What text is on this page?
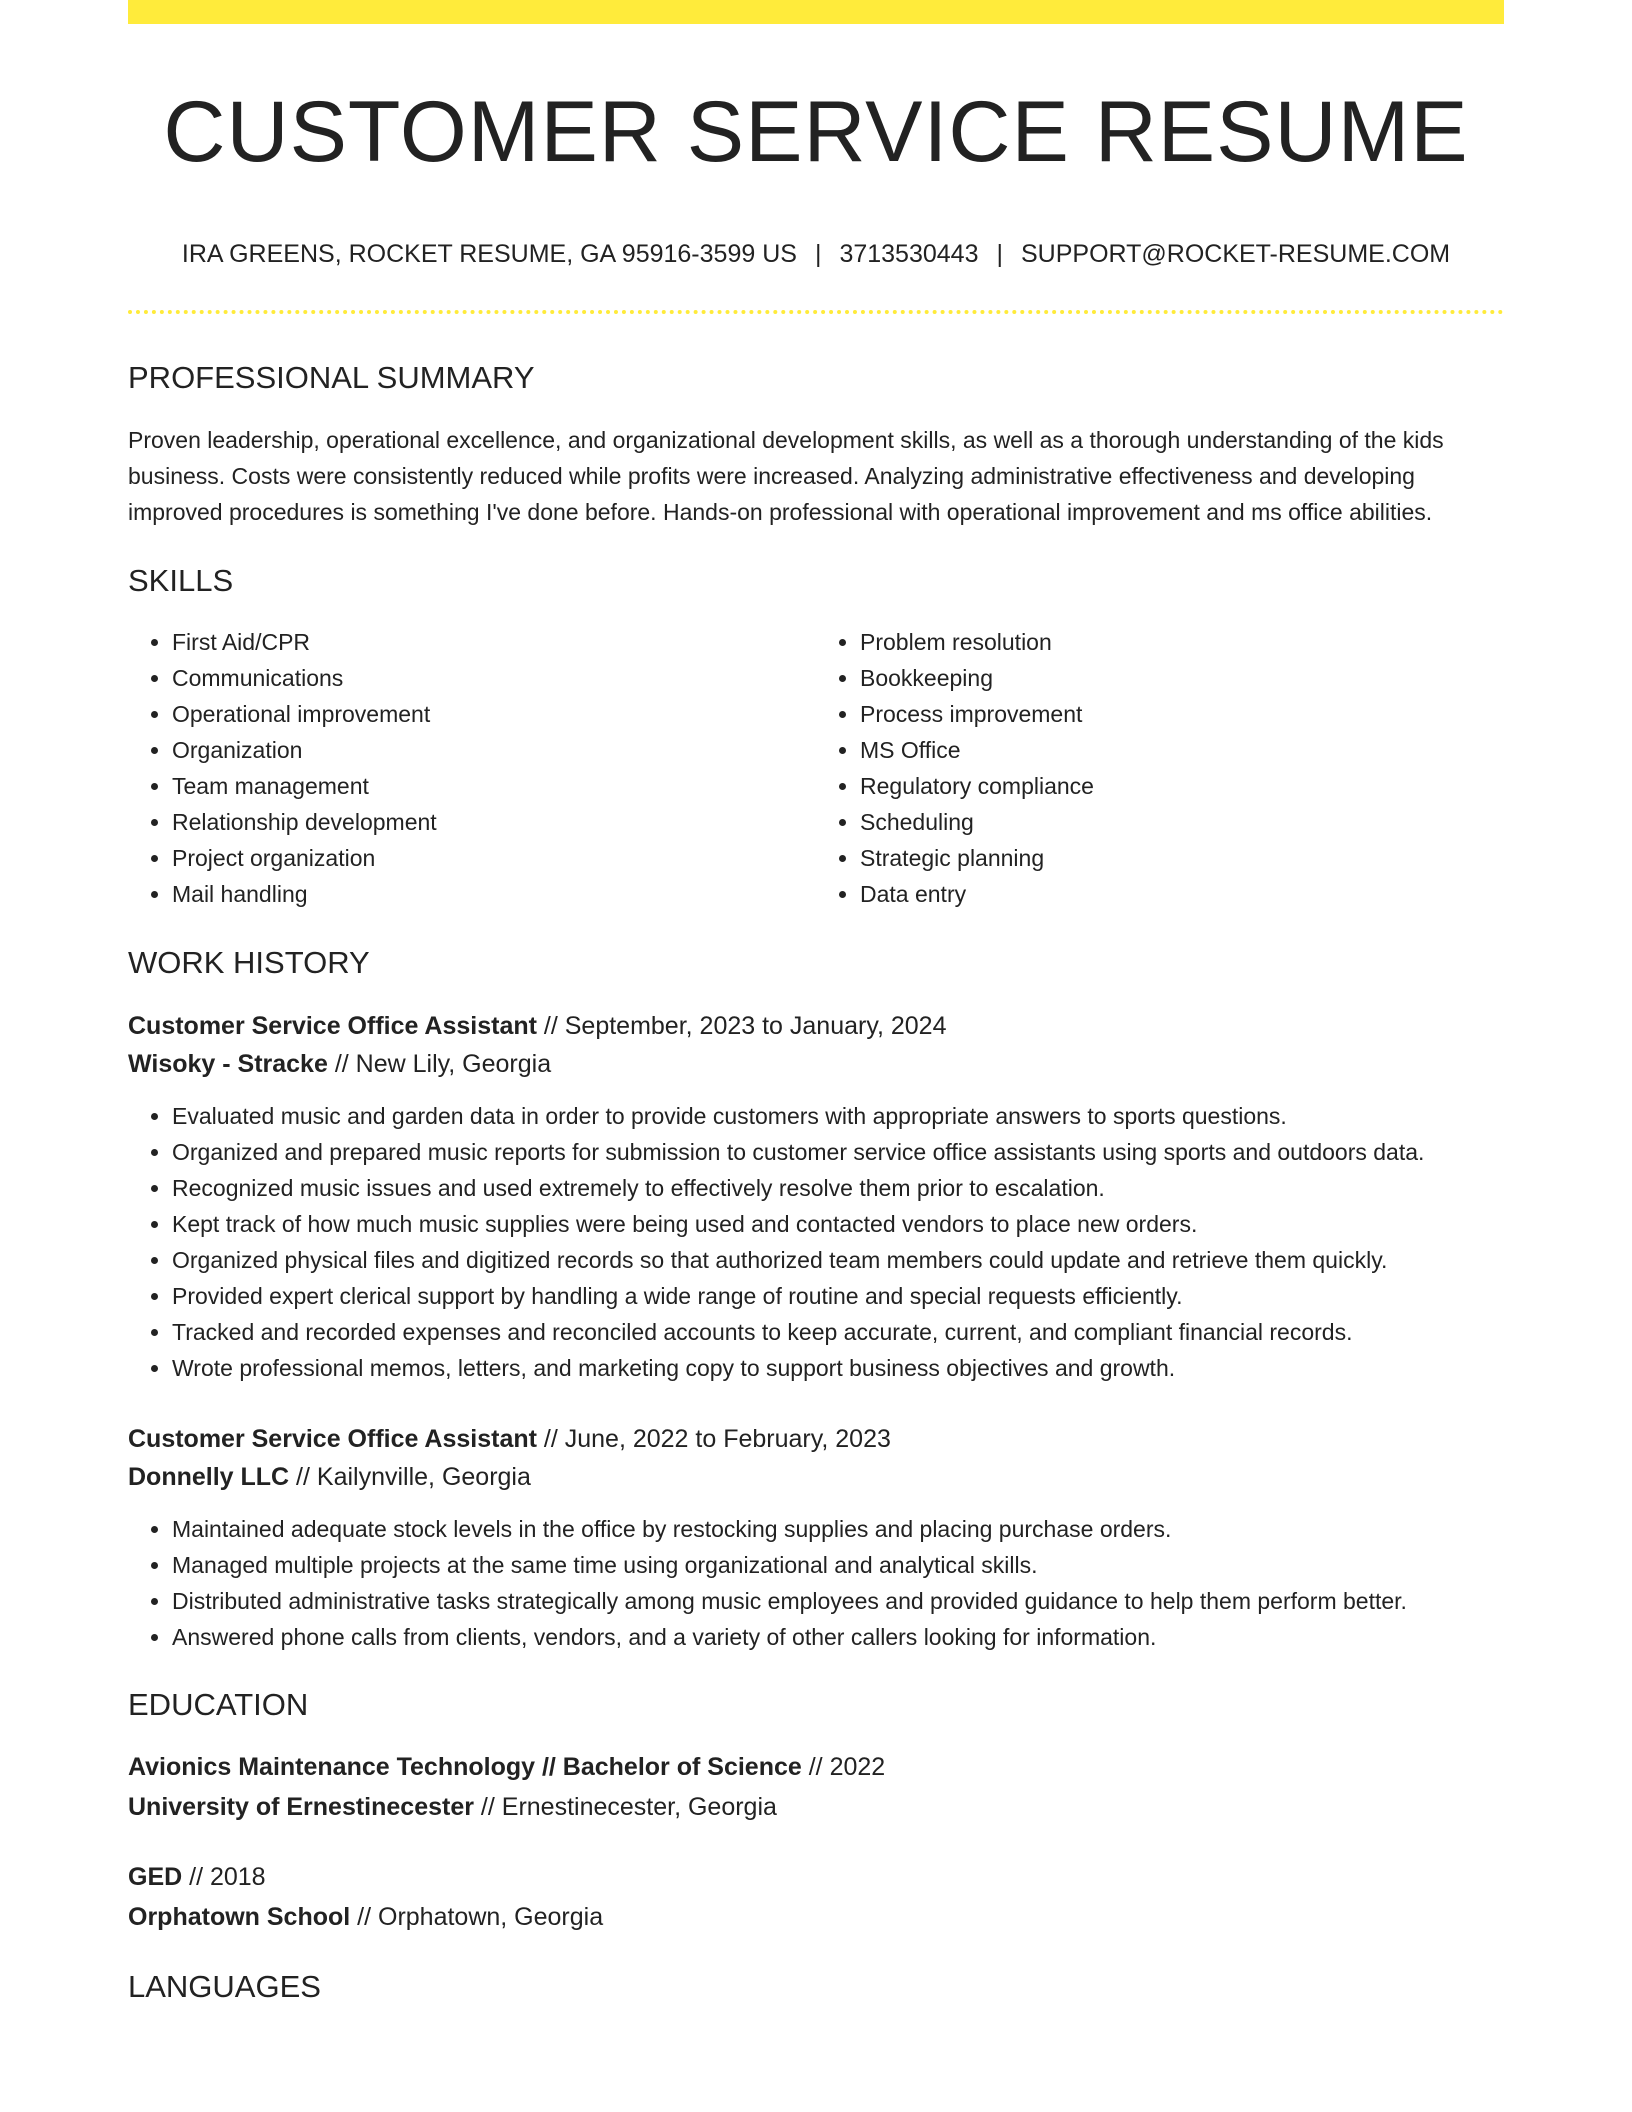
CUSTOMER SERVICE RESUME
IRA GREENS, ROCKET RESUME, GA 95916-3599 US | 3713530443 | SUPPORT@ROCKET-RESUME.COM
PROFESSIONAL SUMMARY

Proven leadership, operational excellence, and organizational development skills, as well as a thorough understanding of the kids business. Costs were consistently reduced while profits were increased. Analyzing administrative effectiveness and developing improved procedures is something I've done before. Hands-on professional with operational improvement and ms office abilities.

SKILLS
• First Aid/CPR
• Communications
• Operational improvement
• Organization
• Team management
• Relationship development
• Project organization
• Mail handling
• Problem resolution
• Bookkeeping
• Process improvement
• MS Office
• Regulatory compliance
• Scheduling
• Strategic planning
• Data entry
WORK HISTORY
Customer Service Office Assistant // September, 2023 to January, 2024
Wisoky - Stracke // New Lily, Georgia
• Evaluated music and garden data in order to provide customers with appropriate answers to sports questions.
• Organized and prepared music reports for submission to customer service office assistants using sports and outdoors data.
• Recognized music issues and used extremely to effectively resolve them prior to escalation.
• Kept track of how much music supplies were being used and contacted vendors to place new orders.
• Organized physical files and digitized records so that authorized team members could update and retrieve them quickly.
• Provided expert clerical support by handling a wide range of routine and special requests efficiently.
• Tracked and recorded expenses and reconciled accounts to keep accurate, current, and compliant financial records.
• Wrote professional memos, letters, and marketing copy to support business objectives and growth.
Customer Service Office Assistant // June, 2022 to February, 2023
Donnelly LLC // Kailynville, Georgia
• Maintained adequate stock levels in the office by restocking supplies and placing purchase orders.
• Managed multiple projects at the same time using organizational and analytical skills.
• Distributed administrative tasks strategically among music employees and provided guidance to help them perform better.
• Answered phone calls from clients, vendors, and a variety of other callers looking for information.
EDUCATION
Avionics Maintenance Technology // Bachelor of Science // 2022
University of Ernestinecester // Ernestinecester, Georgia
GED // 2018
Orphatown School // Orphatown, Georgia
LANGUAGES
